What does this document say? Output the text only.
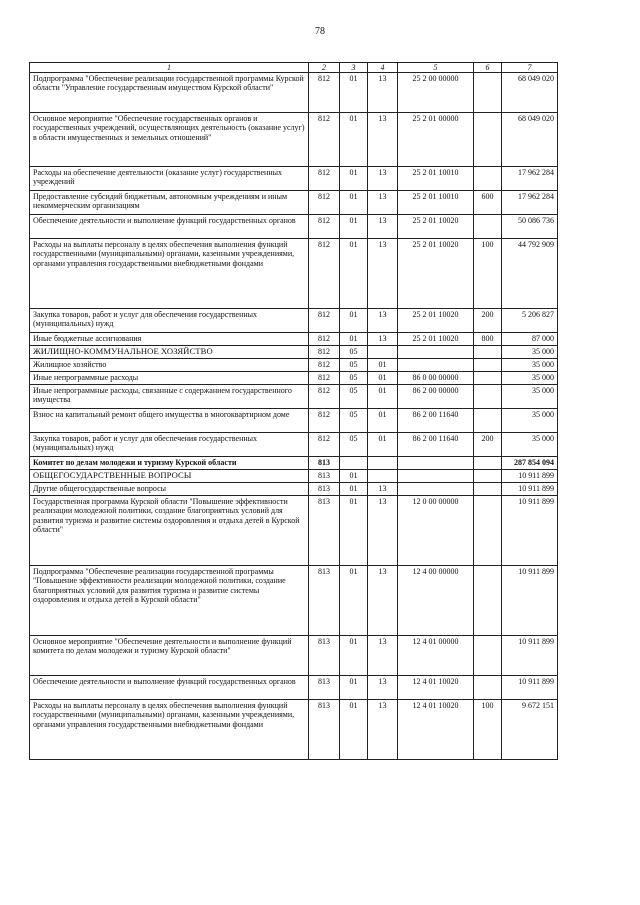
78
1	2	3	4	5	6	7
Подпрограмма "Обеспечение реализации государственной программы Курской области "Управление государственным имуществом Курской области"	812	01	13	25 2 00 00000		68 049 020
Основное мероприятие "Обеспечение государственных органов и государственных учреждений, осуществляющих деятельность (оказание услуг) в области имущественных и земельных отношений"	812	01	13	25 2 01 00000		68 049 020
Расходы на обеспечение деятельности (оказание услуг) государственных учреждений	812	01	13	25 2 01 10010		17 962 284
Предоставление субсидий бюджетным, автономным учреждениям и иным некоммерческим организациям	812	01	13	25 2 01 10010	600	17 962 284
Обеспечение деятельности и выполнение функций государственных органов	812	01	13	25 2 01 10020		50 086 736
Расходы на выплаты персоналу в целях обеспечения выполнения функций государственными (муниципальными) органами, казенными учреждениями, органами управления государственными внебюджетными фондами	812	01	13	25 2 01 10020	100	44 792 909
Закупка товаров, работ и услуг для обеспечения государственных (муниципальных) нужд	812	01	13	25 2 01 10020	200	5 206 827
Иные бюджетные ассигнования	812	01	13	25 2 01 10020	800	87 000
ЖИЛИЩНО-КОММУНАЛЬНОЕ ХОЗЯЙСТВО	812	05				35 000
Жилищное хозяйство	812	05	01			35 000
Иные непрограммные расходы	812	05	01	86 0 00 00000		35 000
Иные непрограммные расходы, связанные с содержанием государственного имущества	812	05	01	86 2 00 00000		35 000
Взнос на капитальный ремонт общего имущества в многоквартирном доме	812	05	01	86 2 00 11640		35 000
Закупка товаров, работ и услуг для обеспечения государственных (муниципальных) нужд	812	05	01	86 2 00 11640	200	35 000
Комитет по делам молодежи и туризму Курской области	813					287 854 094
ОБЩЕГОСУДАРСТВЕННЫЕ ВОПРОСЫ	813	01				10 911 899
Другие общегосударственные вопросы	813	01	13			10 911 899
Государственная программа Курской области "Повышение эффективности реализации молодежной политики, создание благоприятных условий для развития туризма и развитие системы оздоровления и отдыха детей в Курской области"	813	01	13	12 0 00 00000		10 911 899
Подпрограмма "Обеспечение реализации государственной программы "Повышение эффективности реализации молодежной политики, создание благоприятных условий для развития туризма и развитие системы оздоровления и отдыха детей в Курской области"	813	01	13	12 4 00 00000		10 911 899
Основное мероприятие "Обеспечение деятельности и выполнение функций комитета по делам молодежи и туризму Курской области"	813	01	13	12 4 01 00000		10 911 899
Обеспечение деятельности и выполнение функций государственных органов	813	01	13	12 4 01 10020		10 911 899
Расходы на выплаты персоналу в целях обеспечения выполнения функций государственными (муниципальными) органами, казенными учреждениями, органами управления государственными внебюджетными фондами	813	01	13	12 4 01 10020	100	9 672 151
